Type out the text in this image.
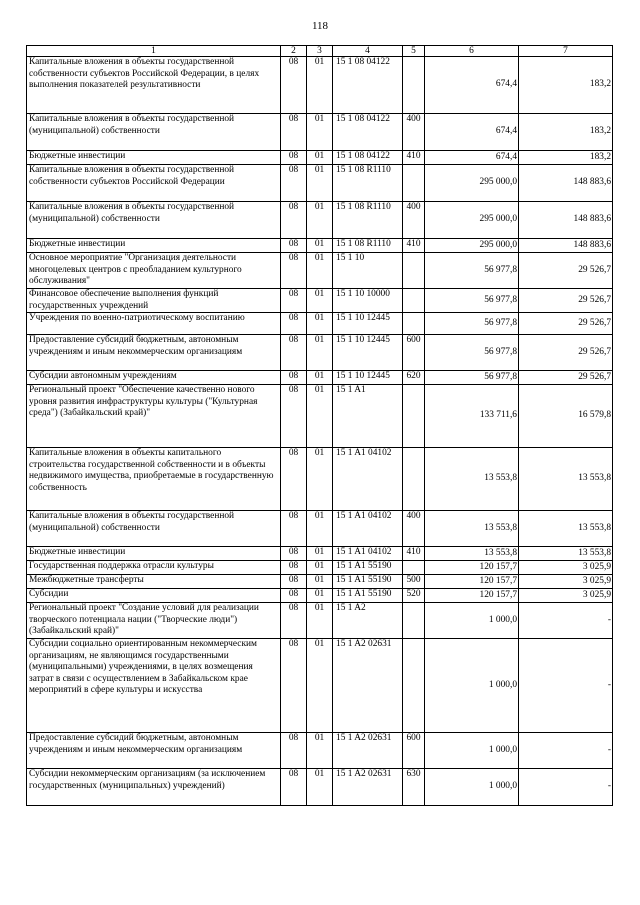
118
1	2	3	4	5	6	7
Капитальные вложения в объекты государственной собственности субъектов Российской Федерации, в целях выполнения показателей результативности	08	01	15 1 08 04122		674,4	183,2
Капитальные вложения в объекты государственной (муниципальной) собственности	08	01	15 1 08 04122	400	674,4	183,2
Бюджетные инвестиции	08	01	15 1 08 04122	410	674,4	183,2
Капитальные вложения в объекты государственной собственности субъектов Российской Федерации	08	01	15 1 08 R1110		295 000,0	148 883,6
Капитальные вложения в объекты государственной (муниципальной) собственности	08	01	15 1 08 R1110	400	295 000,0	148 883,6
Бюджетные инвестиции	08	01	15 1 08 R1110	410	295 000,0	148 883,6
Основное мероприятие "Организация деятельности многоцелевых центров с преобладанием культурного обслуживания"	08	01	15 1 10		56 977,8	29 526,7
Финансовое обеспечение выполнения функций государственных учреждений	08	01	15 1 10 10000		56 977,8	29 526,7
Учреждения по военно-патриотическому воспитанию	08	01	15 1 10 12445		56 977,8	29 526,7
Предоставление субсидий бюджетным, автономным учреждениям и иным некоммерческим организациям	08	01	15 1 10 12445	600	56 977,8	29 526,7
Субсидии автономным учреждениям	08	01	15 1 10 12445	620	56 977,8	29 526,7
Региональный проект "Обеспечение качественно нового уровня развития инфраструктуры культуры ("Культурная среда") (Забайкальский край)"	08	01	15 1 A1		133 711,6	16 579,8
Капитальные вложения в объекты капитального строительства государственной собственности и в объекты недвижимого имущества, приобретаемые в государственную собственность	08	01	15 1 A1 04102		13 553,8	13 553,8
Капитальные вложения в объекты государственной (муниципальной) собственности	08	01	15 1 A1 04102	400	13 553,8	13 553,8
Бюджетные инвестиции	08	01	15 1 A1 04102	410	13 553,8	13 553,8
Государственная поддержка отрасли культуры	08	01	15 1 A1 55190		120 157,7	3 025,9
Межбюджетные трансферты	08	01	15 1 A1 55190	500	120 157,7	3 025,9
Субсидии	08	01	15 1 A1 55190	520	120 157,7	3 025,9
Региональный проект "Создание условий для реализации творческого потенциала нации ("Творческие люди") (Забайкальский край)"	08	01	15 1 A2		1 000,0	-
Субсидии социально ориентированным некоммерческим организациям, не являющимся государственными (муниципальными) учреждениями, в целях возмещения затрат в связи с осуществлением в Забайкальском крае мероприятий в сфере культуры и искусства	08	01	15 1 A2 02631		1 000,0	-
Предоставление субсидий бюджетным, автономным учреждениям и иным некоммерческим организациям	08	01	15 1 A2 02631	600	1 000,0	-
Субсидии некоммерческим организациям (за исключением государственных (муниципальных) учреждений)	08	01	15 1 A2 02631	630	1 000,0	-
